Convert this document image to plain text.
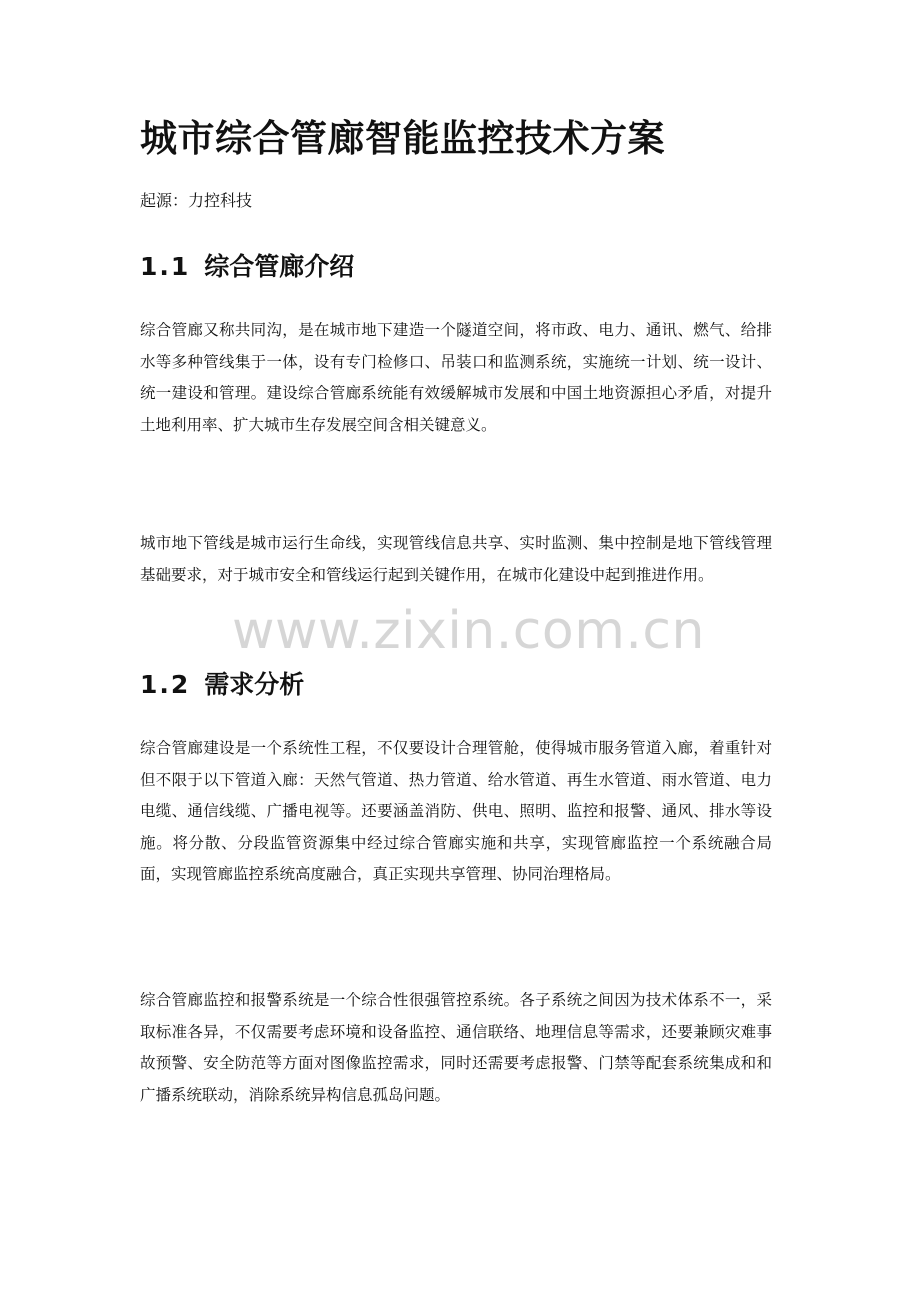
城市综合管廊智能监控技术方案

起源：力控科技

1.1 综合管廊介绍

综合管廊又称共同沟，是在城市地下建造一个隧道空间，将市政、电力、通讯、燃气、给排水等多种管线集于一体，设有专门检修口、吊装口和监测系统，实施统一计划、统一设计、统一建设和管理。建设综合管廊系统能有效缓解城市发展和中国土地资源担心矛盾，对提升土地利用率、扩大城市生存发展空间含相关键意义。

城市地下管线是城市运行生命线，实现管线信息共享、实时监测、集中控制是地下管线管理基础要求，对于城市安全和管线运行起到关键作用，在城市化建设中起到推进作用。

1.2 需求分析

综合管廊建设是一个系统性工程，不仅要设计合理管舱，使得城市服务管道入廊，着重针对但不限于以下管道入廊：天然气管道、热力管道、给水管道、再生水管道、雨水管道、电力电缆、通信线缆、广播电视等。还要涵盖消防、供电、照明、监控和报警、通风、排水等设施。将分散、分段监管资源集中经过综合管廊实施和共享，实现管廊监控一个系统融合局面，实现管廊监控系统高度融合，真正实现共享管理、协同治理格局。

综合管廊监控和报警系统是一个综合性很强管控系统。各子系统之间因为技术体系不一，采取标准各异，不仅需要考虑环境和设备监控、通信联络、地理信息等需求，还要兼顾灾难事故预警、安全防范等方面对图像监控需求，同时还需要考虑报警、门禁等配套系统集成和和广播系统联动，消除系统异构信息孤岛问题。

www.zixin.com.cn
